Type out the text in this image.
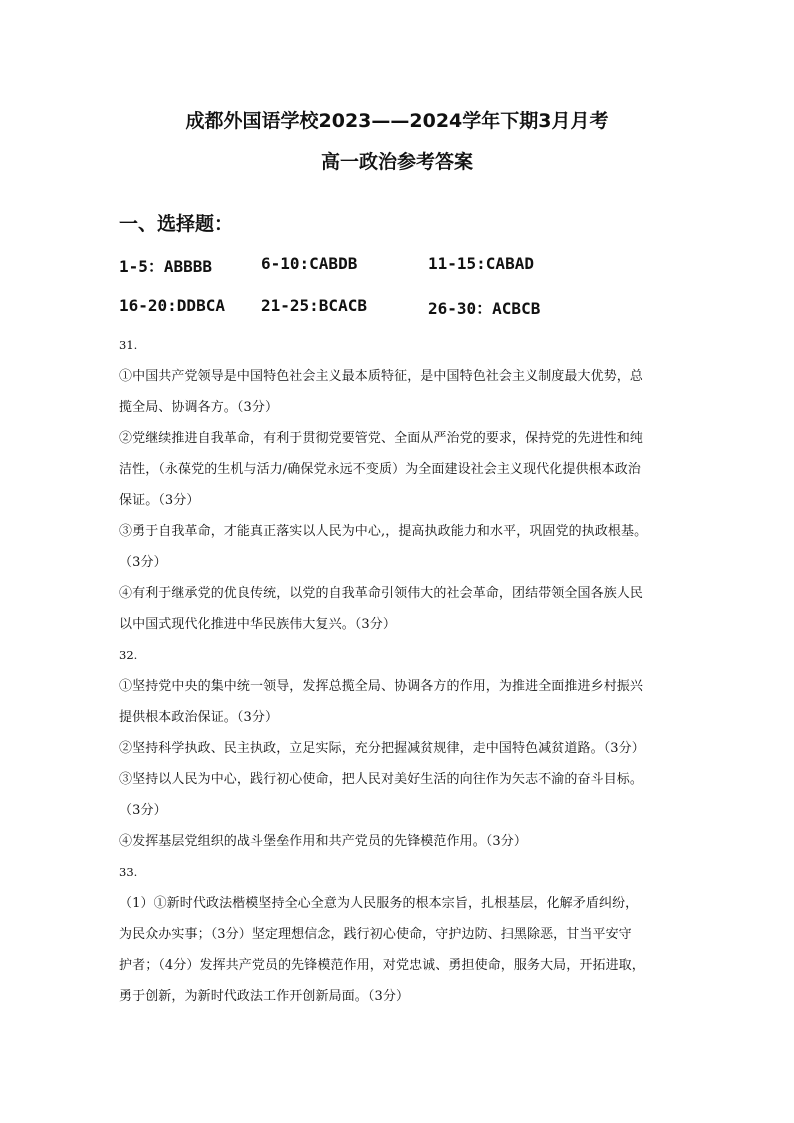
成都外国语学校2023——2024学年下期3月月考
高一政治参考答案
一、选择题：
1-5：ABBBB	6-10:CABDB	11-15:CABAD
16-20:DDBCA 21-25:BCACB	26-30：ACBCB
31.
①中国共产党领导是中国特色社会主义最本质特征，是中国特色社会主义制度最大优势，总
揽全局、协调各方。（3分）
②党继续推进自我革命，有利于贯彻党要管党、全面从严治党的要求，保持党的先进性和纯
洁性，（永葆党的生机与活力/确保党永远不变质）为全面建设社会主义现代化提供根本政治
保证。（3分）
③勇于自我革命，才能真正落实以人民为中心,，提高执政能力和水平，巩固党的执政根基。
（3分）
④有利于继承党的优良传统，以党的自我革命引领伟大的社会革命，团结带领全国各族人民
以中国式现代化推进中华民族伟大复兴。（3分）
32.
①坚持党中央的集中统一领导，发挥总揽全局、协调各方的作用，为推进全面推进乡村振兴
提供根本政治保证。（3分）
②坚持科学执政、民主执政，立足实际，充分把握减贫规律，走中国特色减贫道路。（3分）
③坚持以人民为中心，践行初心使命，把人民对美好生活的向往作为矢志不渝的奋斗目标。
（3分）
④发挥基层党组织的战斗堡垒作用和共产党员的先锋模范作用。（3分）
33.
（1）①新时代政法楷模坚持全心全意为人民服务的根本宗旨，扎根基层，化解矛盾纠纷，
为民众办实事；（3分）坚定理想信念，践行初心使命，守护边防、扫黑除恶，甘当平安守
护者；（4分）发挥共产党员的先锋模范作用，对党忠诚、勇担使命，服务大局，开拓进取，
勇于创新，为新时代政法工作开创新局面。（3分）
